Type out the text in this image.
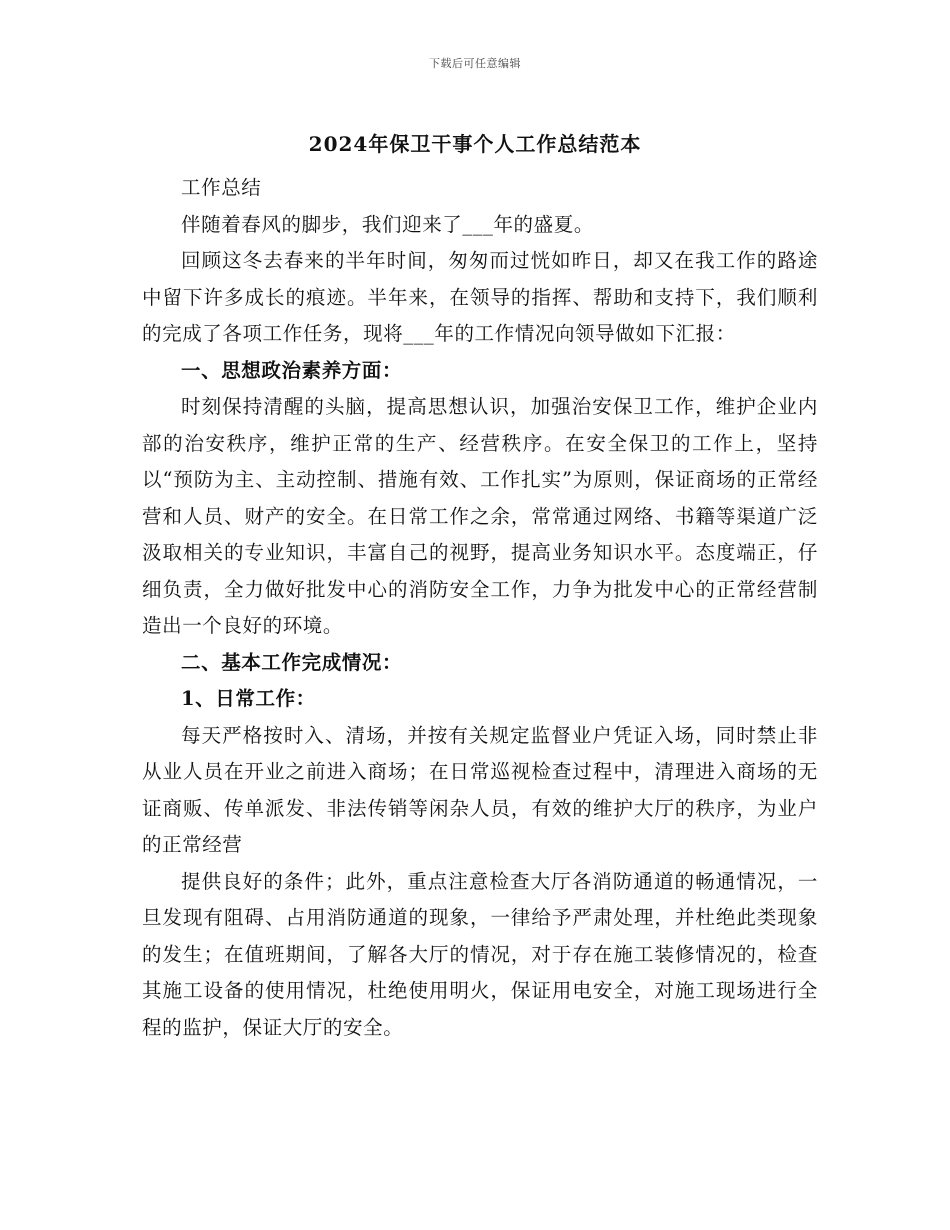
下载后可任意编辑
2024年保卫干事个人工作总结范本

工作总结

伴随着春风的脚步，我们迎来了___年的盛夏。

回顾这冬去春来的半年时间，匆匆而过恍如昨日，却又在我工作的路途中留下许多成长的痕迹。半年来，在领导的指挥、帮助和支持下，我们顺利的完成了各项工作任务，现将___年的工作情况向领导做如下汇报：

一、思想政治素养方面：

时刻保持清醒的头脑，提高思想认识，加强治安保卫工作，维护企业内部的治安秩序，维护正常的生产、经营秩序。在安全保卫的工作上，坚持以“预防为主、主动控制、措施有效、工作扎实”为原则，保证商场的正常经营和人员、财产的安全。在日常工作之余，常常通过网络、书籍等渠道广泛汲取相关的专业知识，丰富自己的视野，提高业务知识水平。态度端正，仔细负责，全力做好批发中心的消防安全工作，力争为批发中心的正常经营制造出一个良好的环境。

二、基本工作完成情况：

1、日常工作：

每天严格按时入、清场，并按有关规定监督业户凭证入场，同时禁止非从业人员在开业之前进入商场；在日常巡视检查过程中，清理进入商场的无证商贩、传单派发、非法传销等闲杂人员，有效的维护大厅的秩序，为业户的正常经营

提供良好的条件；此外，重点注意检查大厅各消防通道的畅通情况，一旦发现有阻碍、占用消防通道的现象，一律给予严肃处理，并杜绝此类现象的发生；在值班期间，了解各大厅的情况，对于存在施工装修情况的，检查其施工设备的使用情况，杜绝使用明火，保证用电安全，对施工现场进行全程的监护，保证大厅的安全。
